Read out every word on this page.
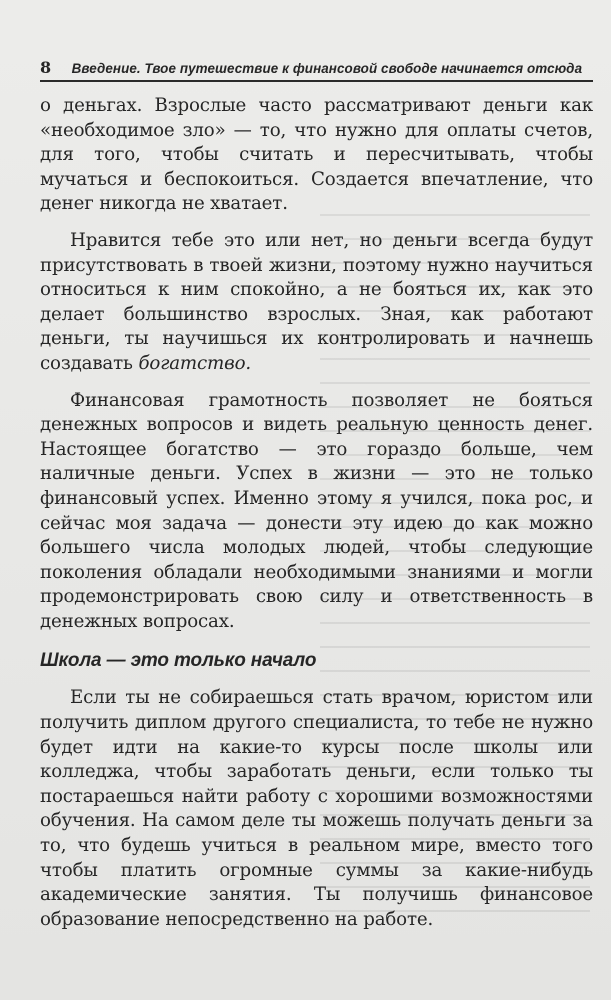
8 Введение. Твое путешествие к финансовой свободе начинается отсюда

о деньгах. Взрослые часто рассматривают деньги как «необходимое зло» — то, что нужно для оплаты счетов, для того, чтобы считать и пересчитывать, чтобы мучаться и беспокоиться. Создается впечатление, что денег никогда не хватает.

Нравится тебе это или нет, но деньги всегда будут присутствовать в твоей жизни, поэтому нужно научиться относиться к ним спокойно, а не бояться их, как это делает большинство взрослых. Зная, как работают деньги, ты научишься их контролировать и начнешь создавать богатство.

Финансовая грамотность позволяет не бояться денежных вопросов и видеть реальную ценность денег. Настоящее богатство — это гораздо больше, чем наличные деньги. Успех в жизни — это не только финансовый успех. Именно этому я учился, пока рос, и сейчас моя задача — донести эту идею до как можно большего числа молодых людей, чтобы следующие поколения обладали необходимыми знаниями и могли продемонстрировать свою силу и ответственность в денежных вопросах.

Школа — это только начало

Если ты не собираешься стать врачом, юристом или получить диплом другого специалиста, то тебе не нужно будет идти на какие-то курсы после школы или колледжа, чтобы заработать деньги, если только ты постараешься найти работу с хорошими возможностями обучения. На самом деле ты можешь получать деньги за то, что будешь учиться в реальном мире, вместо того чтобы платить огромные суммы за какие-нибудь академические занятия. Ты получишь финансовое образование непосредственно на работе.
